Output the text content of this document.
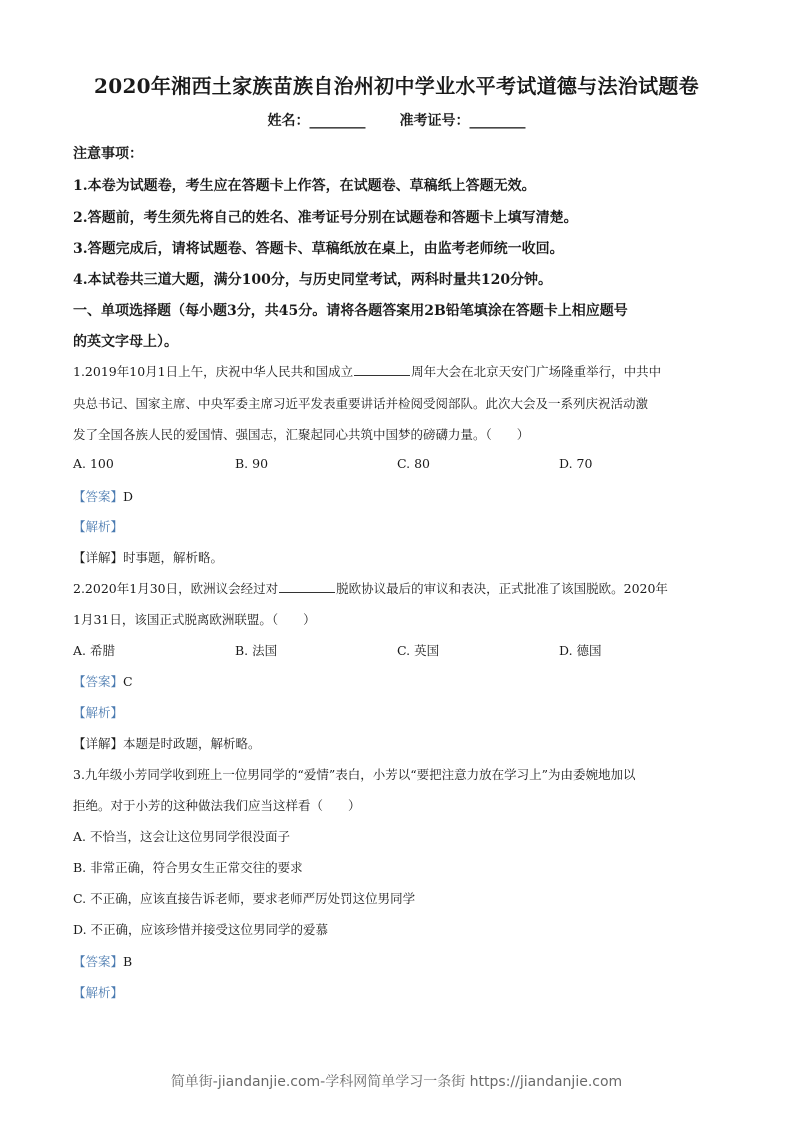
2020年湘西土家族苗族自治州初中学业水平考试道德与法治试题卷
姓名：________ 准考证号：________
注意事项：
1.本卷为试题卷，考生应在答题卡上作答，在试题卷、草稿纸上答题无效。
2.答题前，考生须先将自己的姓名、准考证号分别在试题卷和答题卡上填写清楚。
3.答题完成后，请将试题卷、答题卡、草稿纸放在桌上，由监考老师统一收回。
4.本试卷共三道大题，满分100分，与历史同堂考试，两科时量共120分钟。
一、单项选择题（每小题3分，共45分。请将各题答案用2B铅笔填涂在答题卡上相应题号
的英文字母上）。
1.2019年10月1日上午，庆祝中华人民共和国成立	周年大会在北京天安门广场隆重举行，中共中
央总书记、国家主席、中央军委主席习近平发表重要讲话并检阅受阅部队。此次大会及一系列庆祝活动激
发了全国各族人民的爱国情、强国志，汇聚起同心共筑中国梦的磅礴力量。（　　）
A. 100	B. 90	C. 80	D. 70
【答案】D
【解析】
【详解】时事题，解析略。
2.2020年1月30日，欧洲议会经过对	脱欧协议最后的审议和表决，正式批准了该国脱欧。2020年
1月31日，该国正式脱离欧洲联盟。（　　）
A. 希腊	B. 法国	C. 英国	D. 德国
【答案】C
【解析】
【详解】本题是时政题，解析略。
3.九年级小芳同学收到班上一位男同学的“爱情”表白，小芳以“要把注意力放在学习上”为由委婉地加以
拒绝。对于小芳的这种做法我们应当这样看（　　）
A. 不恰当，这会让这位男同学很没面子
B. 非常正确，符合男女生正常交往的要求
C. 不正确，应该直接告诉老师，要求老师严厉处罚这位男同学
D. 不正确，应该珍惜并接受这位男同学的爱慕
【答案】B
【解析】
简单街-jiandanjie.com-学科网简单学习一条街 https://jiandanjie.com
